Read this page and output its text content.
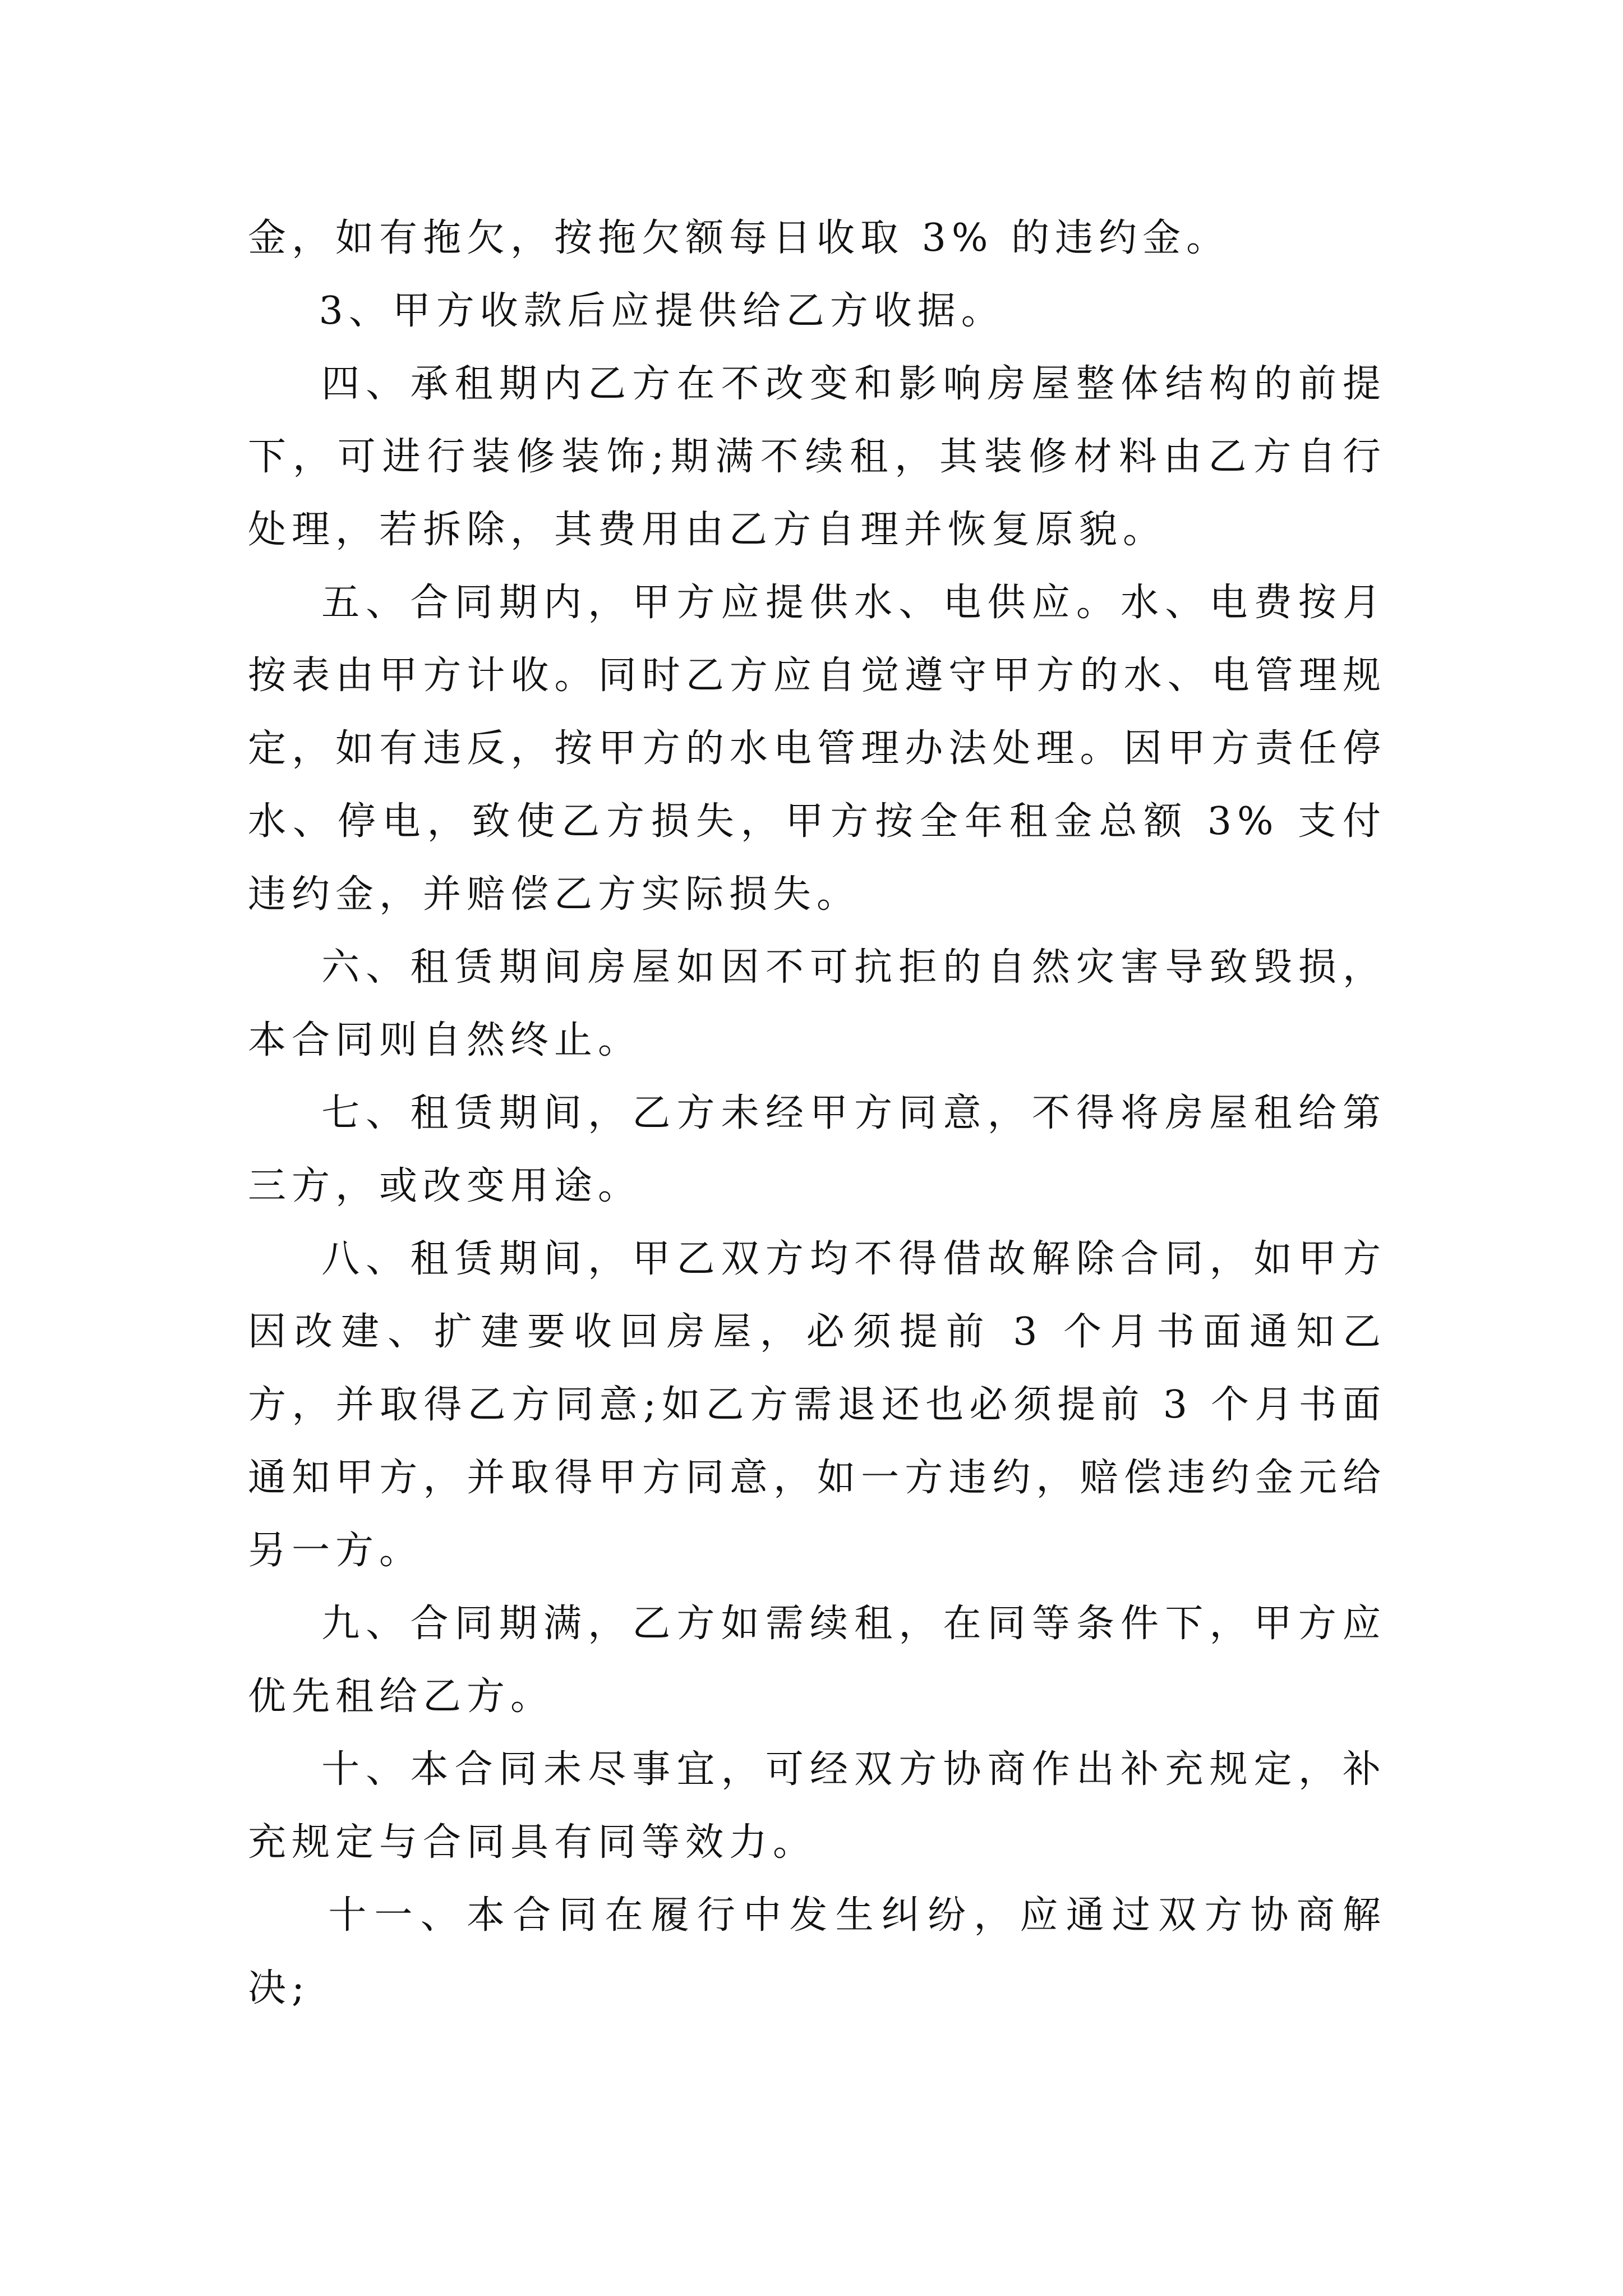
金，如有拖欠，按拖欠额每日收取 3% 的违约金。

3、甲方收款后应提供给乙方收据。

四、承租期内乙方在不改变和影响房屋整体结构的前提下，可进行装修装饰;期满不续租，其装修材料由乙方自行处理，若拆除，其费用由乙方自理并恢复原貌。

五、合同期内，甲方应提供水、电供应。水、电费按月按表由甲方计收。同时乙方应自觉遵守甲方的水、电管理规定，如有违反，按甲方的水电管理办法处理。因甲方责任停水、停电，致使乙方损失，甲方按全年租金总额 3% 支付违约金，并赔偿乙方实际损失。

六、租赁期间房屋如因不可抗拒的自然灾害导致毁损，本合同则自然终止。

七、租赁期间，乙方未经甲方同意，不得将房屋租给第三方，或改变用途。

八、租赁期间，甲乙双方均不得借故解除合同，如甲方因改建、扩建要收回房屋，必须提前 3 个月书面通知乙方，并取得乙方同意;如乙方需退还也必须提前 3 个月书面通知甲方，并取得甲方同意，如一方违约，赔偿违约金元给另一方。

九、合同期满，乙方如需续租，在同等条件下，甲方应优先租给乙方。

十、本合同未尽事宜，可经双方协商作出补充规定，补充规定与合同具有同等效力。

十一、本合同在履行中发生纠纷，应通过双方协商解决;
